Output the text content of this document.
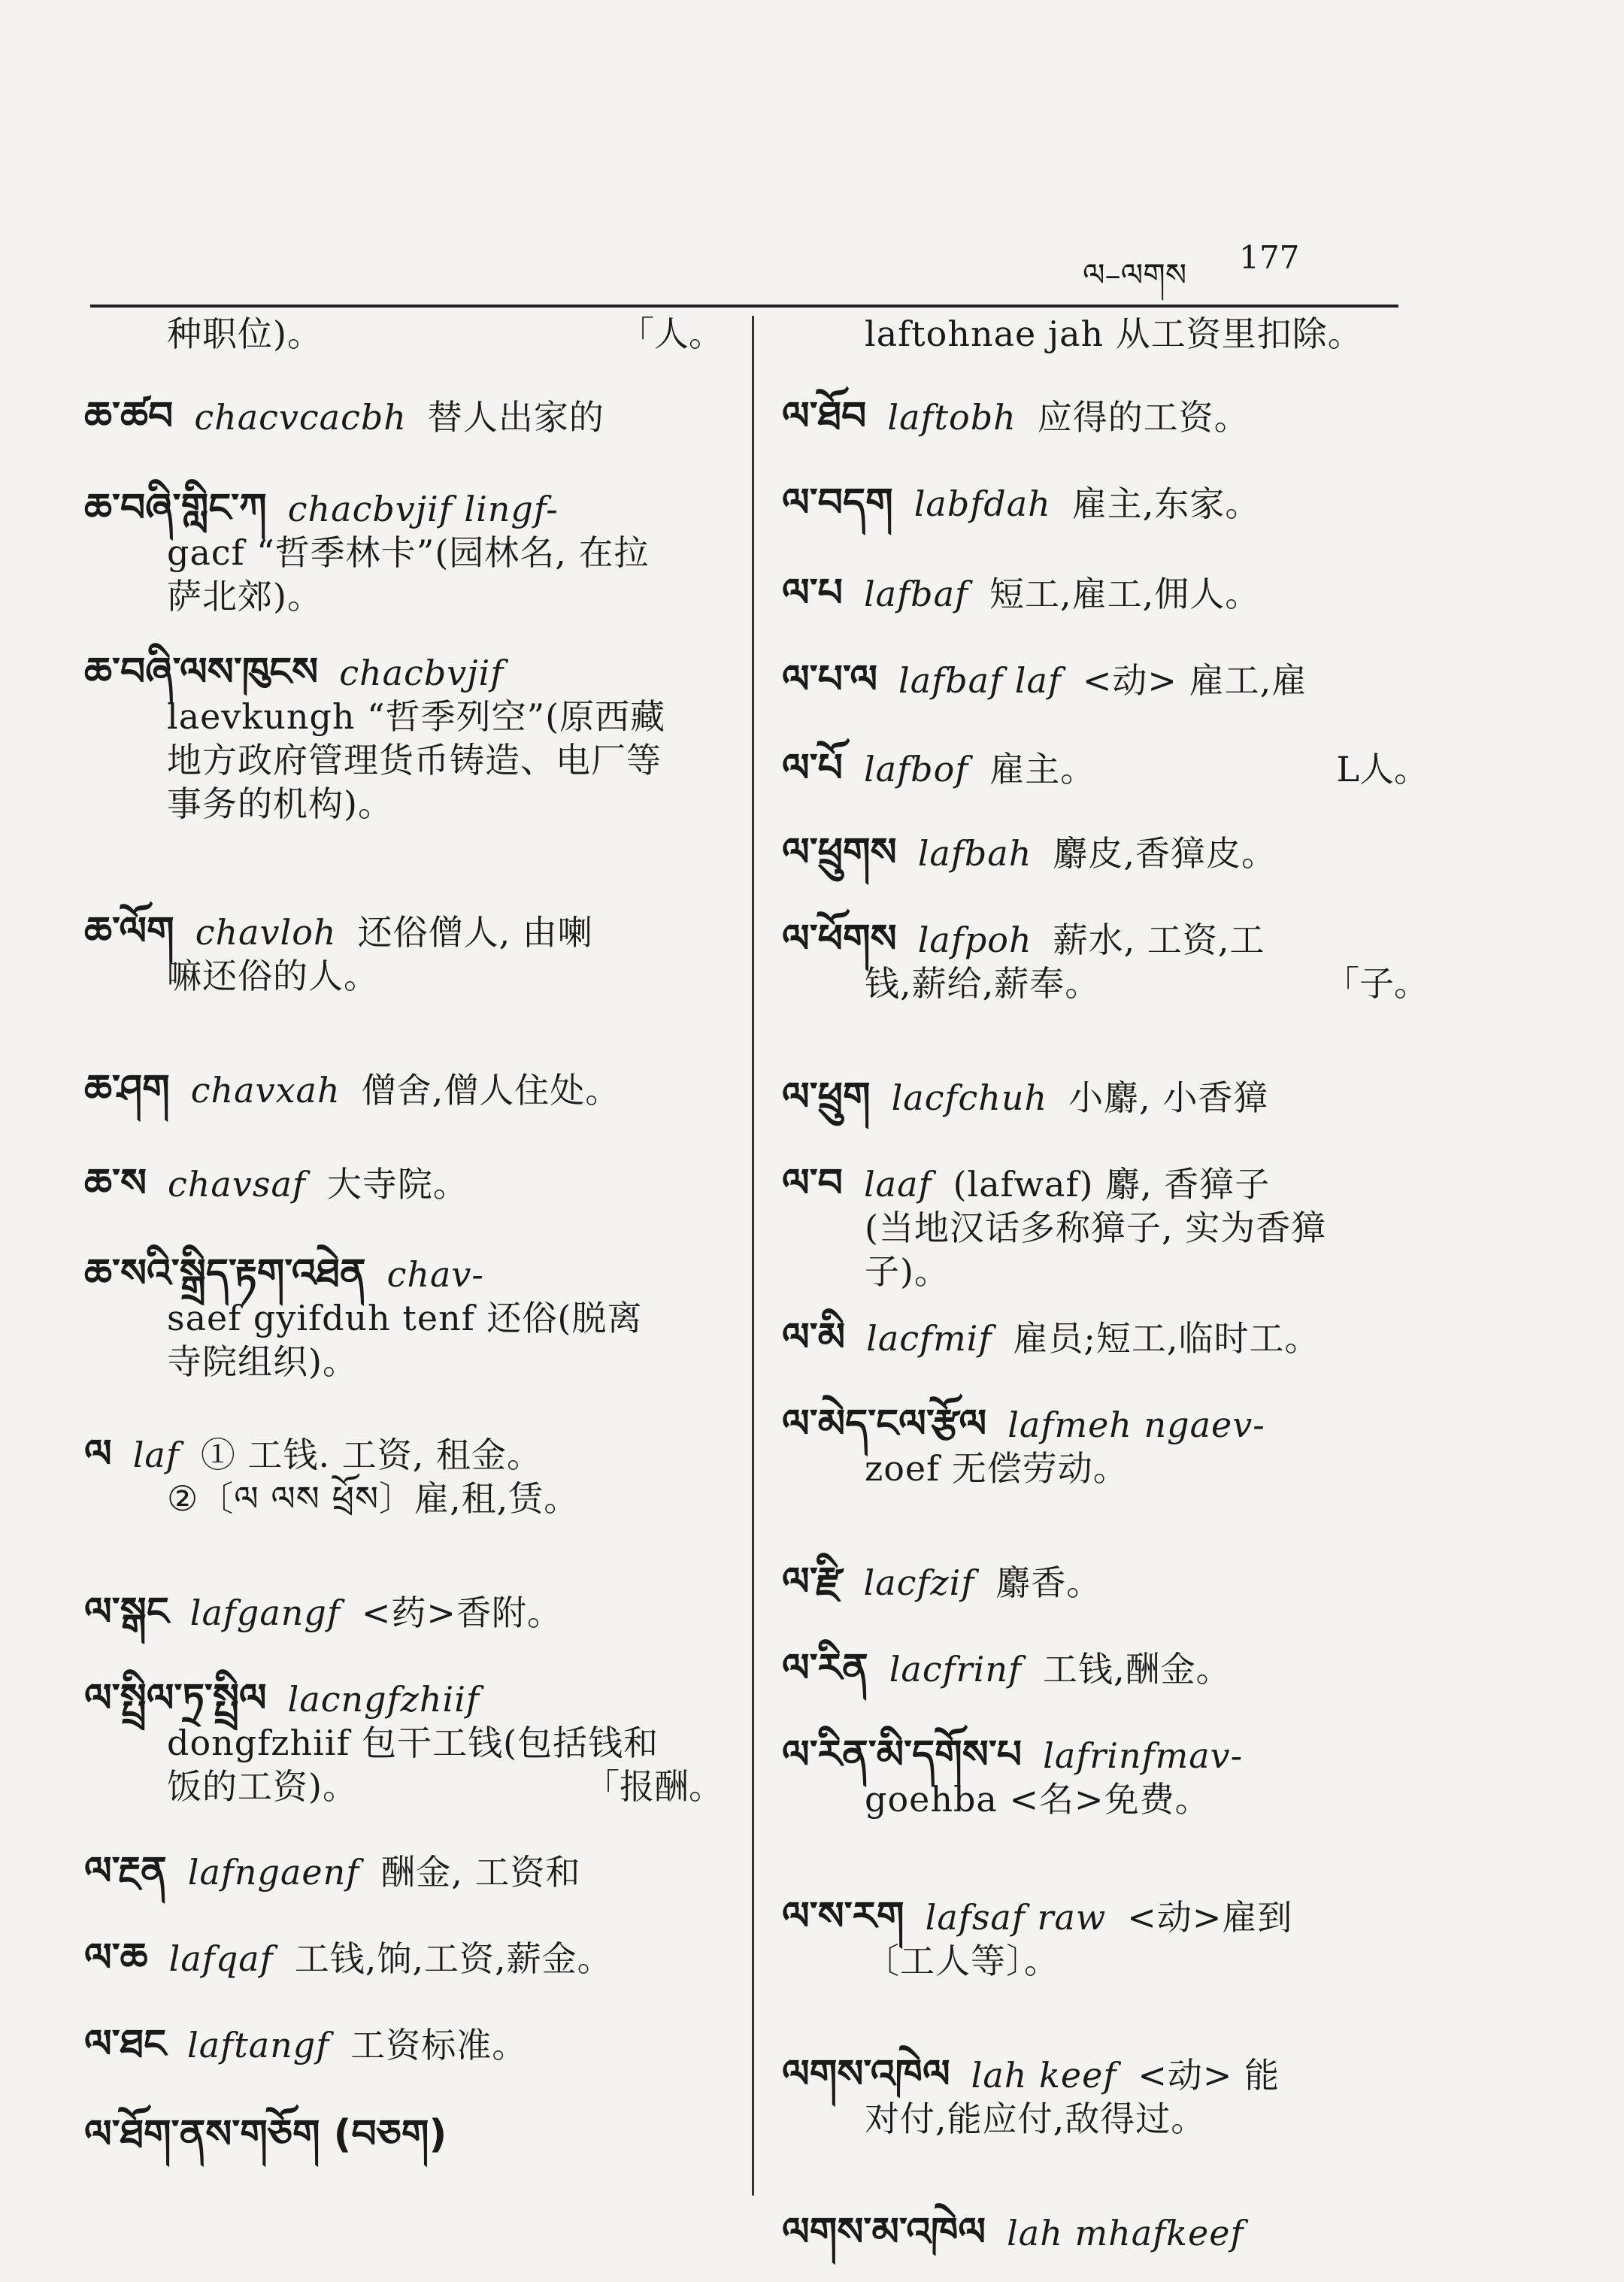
ལ–ལགས 177
种职位)。	「人。
ཆ་ཚབ chacvcacbh 替人出家的
ཆ་བཞི་གླིང་ཀ chacbvjif lingf-
gacf “哲季林卡”(园林名, 在拉
萨北郊)。
ཆ་བཞི་ལས་ཁུངས chacbvjif
laevkungh “哲季列空”(原西藏
地方政府管理货币铸造、电厂等
事务的机构)。
ཆ་ལོག chavloh 还俗僧人, 由喇
嘛还俗的人。
ཆ་ཤག chavxah 僧舍,僧人住处。
ཆ་ས chavsaf 大寺院。
ཆ་སའི་སྒྲིད་རྟག་འཐེན chav-
saef gyifduh tenf 还俗(脱离
寺院组织)。
ལ laf ① 工钱. 工资, 租金。
②〔ལ ལས ཕྲོས〕雇,租,赁。
ལ་སྒང lafgangf <药>香附。
ལ་སྤྲིལ་ཏྲ་སྤྲིལ lacngfzhiif
dongfzhiif 包干工钱(包括钱和
饭的工资)。	「报酬。
ལ་རྔན lafngaenf 酬金, 工资和
ལ་ཆ lafqaf 工钱,饷,工资,薪金。
ལ་ཐང laftangf 工资标准。
ལ་ཐོག་ནས་གཅོག (བཅག)
laftohnae jah 从工资里扣除。
ལ་ཐོབ laftobh 应得的工资。
ལ་བདག labfdah 雇主,东家。
ལ་པ lafbaf 短工,雇工,佣人。
ལ་པ་ལ lafbaf laf <动> 雇工,雇
ལ་པོ lafbof 雇主。	L人。
ལ་ཕྲུགས lafbah 麝皮,香獐皮。
ལ་ཕོགས lafpoh 薪水, 工资,工
钱,薪给,薪奉。	「子。
ལ་ཕྲུག lacfchuh 小麝, 小香獐
ལ་བ laaf (lafwaf) 麝, 香獐子
(当地汉话多称獐子, 实为香獐
子)。
ལ་མི lacfmif 雇员;短工,临时工。
ལ་མེད་ངལ་རྩོལ lafmeh ngaev-
zoef 无偿劳动。
ལ་རྫི lacfzif 麝香。
ལ་རིན lacfrinf 工钱,酬金。
ལ་རིན་མི་དགོས་པ lafrinfmav-
goehba <名>免费。
ལ་ས་རག lafsaf raw <动>雇到
〔工人等〕。
ལགས་འཁེལ lah keef <动> 能
对付,能应付,敌得过。
ལགས་མ་འཁེལ lah mhafkeef
